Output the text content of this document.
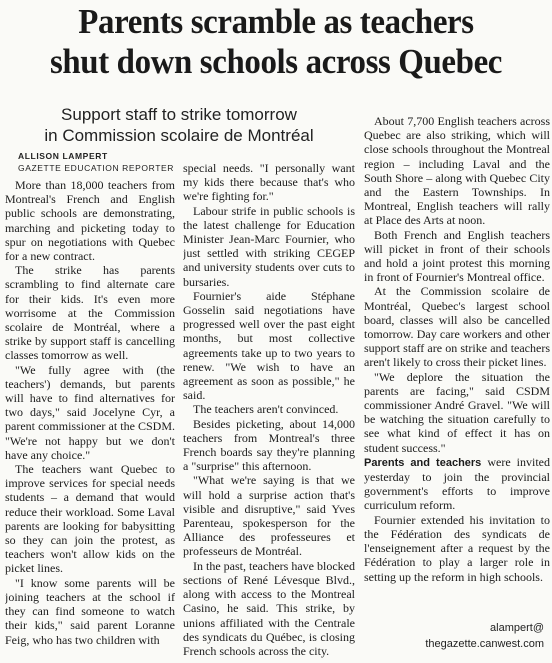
Parents scramble as teachers
shut down schools across Quebec
Support staff to strike tomorrow
in Commission scolaire de Montréal
ALLISON LAMPERT
GAZETTE EDUCATION REPORTER

More than 18,000 teachers from Montreal's French and English public schools are demonstrating, marching and picketing today to spur on negotiations with Quebec for a new contract.

The strike has parents scrambling to find alternate care for their kids. It's even more worrisome at the Commission scolaire de Montréal, where a strike by support staff is cancelling classes tomorrow as well.

"We fully agree with (the teachers') demands, but parents will have to find alternatives for two days," said Jocelyne Cyr, a parent commissioner at the CSDM. "We're not happy but we don't have any choice."

The teachers want Quebec to improve services for special needs students – a demand that would reduce their workload. Some Laval parents are looking for babysitting so they can join the protest, as teachers won't allow kids on the picket lines.

"I know some parents will be joining teachers at the school if they can find someone to watch their kids," said parent Loranne Feig, who has two children with

special needs. "I personally want my kids there because that's who we're fighting for."

Labour strife in public schools is the latest challenge for Education Minister Jean-Marc Fournier, who just settled with striking CEGEP and university students over cuts to bursaries.

Fournier's aide Stéphane Gosselin said negotiations have progressed well over the past eight months, but most collective agreements take up to two years to renew. "We wish to have an agreement as soon as possible," he said.

The teachers aren't convinced.

Besides picketing, about 14,000 teachers from Montreal's three French boards say they're planning a "surprise" this afternoon.

"What we're saying is that we will hold a surprise action that's visible and disruptive," said Yves Parenteau, spokesperson for the Alliance des professeures et professeurs de Montréal.

In the past, teachers have blocked sections of René Lévesque Blvd., along with access to the Montreal Casino, he said. This strike, by unions affiliated with the Centrale des syndicats du Québec, is closing French schools across the city.

About 7,700 English teachers across Quebec are also striking, which will close schools throughout the Montreal region – including Laval and the South Shore – along with Quebec City and the Eastern Townships. In Montreal, English teachers will rally at Place des Arts at noon.

Both French and English teachers will picket in front of their schools and hold a joint protest this morning in front of Fournier's Montreal office.

At the Commission scolaire de Montréal, Quebec's largest school board, classes will also be cancelled tomorrow. Day care workers and other support staff are on strike and teachers aren't likely to cross their picket lines.

"We deplore the situation the parents are facing," said CSDM commissioner André Gravel. "We will be watching the situation carefully to see what kind of effect it has on student success."

Parents and teachers were invited yesterday to join the provincial government's efforts to improve curriculum reform.

Fournier extended his invitation to the Fédération des syndicats de l'enseignement after a request by the Fédération to play a larger role in setting up the reform in high schools.

alampert@
thegazette.canwest.com
